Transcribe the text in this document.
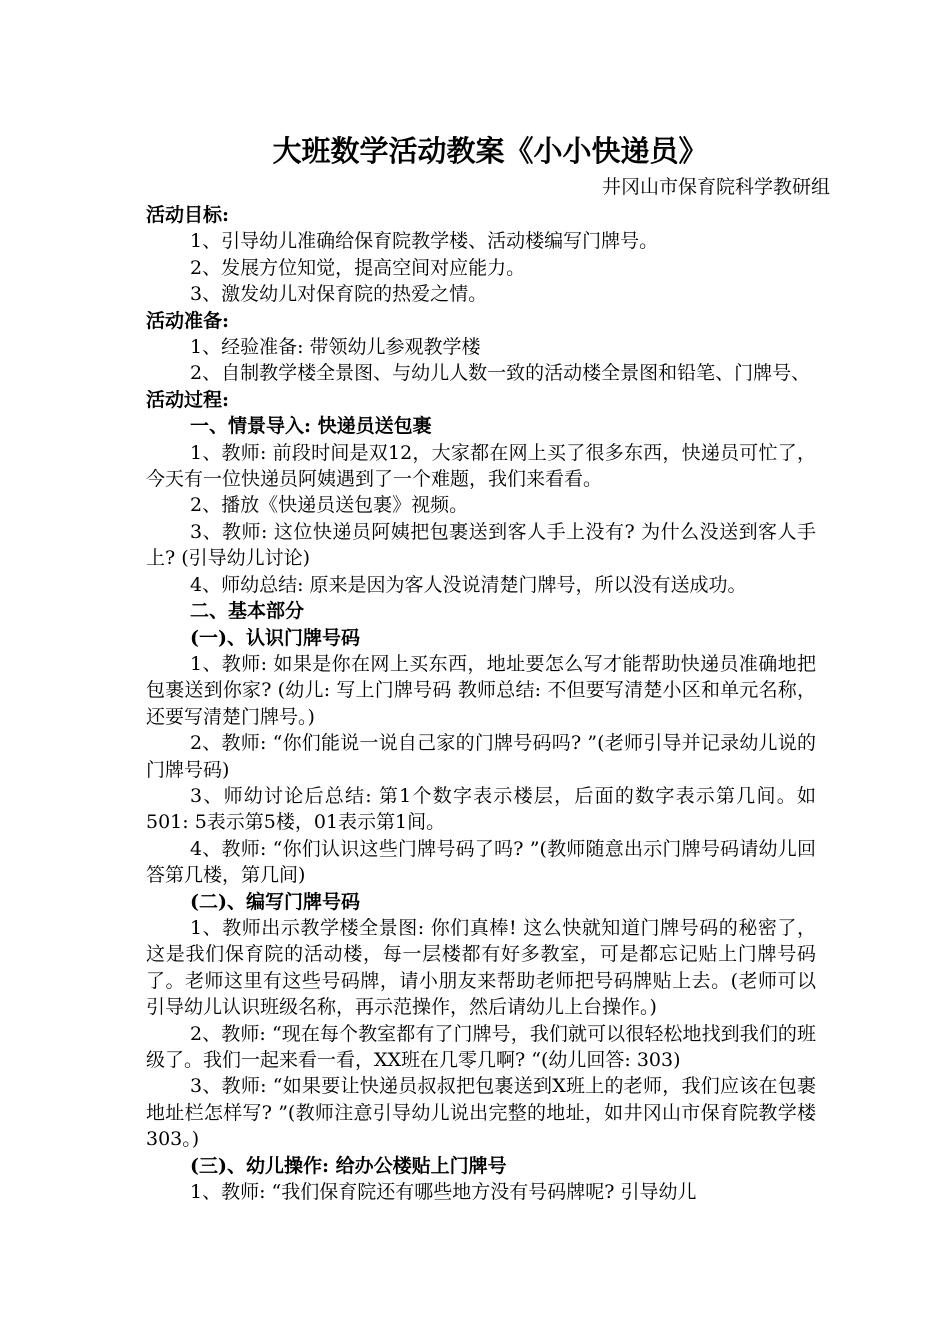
大班数学活动教案《小小快递员》

井冈山市保育院科学教研组

活动目标:

1、引导幼儿准确给保育院教学楼、活动楼编写门牌号。

2、发展方位知觉，提高空间对应能力。

3、激发幼儿对保育院的热爱之情。

活动准备:

1、经验准备: 带领幼儿参观教学楼

2、自制教学楼全景图、与幼儿人数一致的活动楼全景图和铅笔、门牌号、

活动过程:

一、情景导入: 快递员送包裹

1、教师: 前段时间是双12，大家都在网上买了很多东西，快递员可忙了，今天有一位快递员阿姨遇到了一个难题，我们来看看。

2、播放《快递员送包裹》视频。

3、教师: 这位快递员阿姨把包裹送到客人手上没有? 为什么没送到客人手上? (引导幼儿讨论)

4、师幼总结: 原来是因为客人没说清楚门牌号，所以没有送成功。

二、基本部分

(一)、认识门牌号码

1、教师: 如果是你在网上买东西，地址要怎么写才能帮助快递员准确地把包裹送到你家? (幼儿: 写上门牌号码 教师总结: 不但要写清楚小区和单元名称，还要写清楚门牌号。)

2、教师: “你们能说一说自己家的门牌号码吗? ”(老师引导并记录幼儿说的门牌号码)

3、师幼讨论后总结: 第1个数字表示楼层，后面的数字表示第几间。如501: 5表示第5楼，01表示第1间。

4、教师: “你们认识这些门牌号码了吗? ”(教师随意出示门牌号码请幼儿回答第几楼，第几间)

(二)、编写门牌号码

1、教师出示教学楼全景图: 你们真棒! 这么快就知道门牌号码的秘密了，这是我们保育院的活动楼，每一层楼都有好多教室，可是都忘记贴上门牌号码了。老师这里有这些号码牌，请小朋友来帮助老师把号码牌贴上去。(老师可以引导幼儿认识班级名称，再示范操作，然后请幼儿上台操作。)

2、教师: “现在每个教室都有了门牌号，我们就可以很轻松地找到我们的班级了。我们一起来看一看，XX班在几零几啊? “(幼儿回答: 303)

3、教师: “如果要让快递员叔叔把包裹送到X班上的老师，我们应该在包裹地址栏怎样写? ”(教师注意引导幼儿说出完整的地址，如井冈山市保育院教学楼303。)

(三)、幼儿操作: 给办公楼贴上门牌号

1、教师: “我们保育院还有哪些地方没有号码牌呢? 引导幼儿
